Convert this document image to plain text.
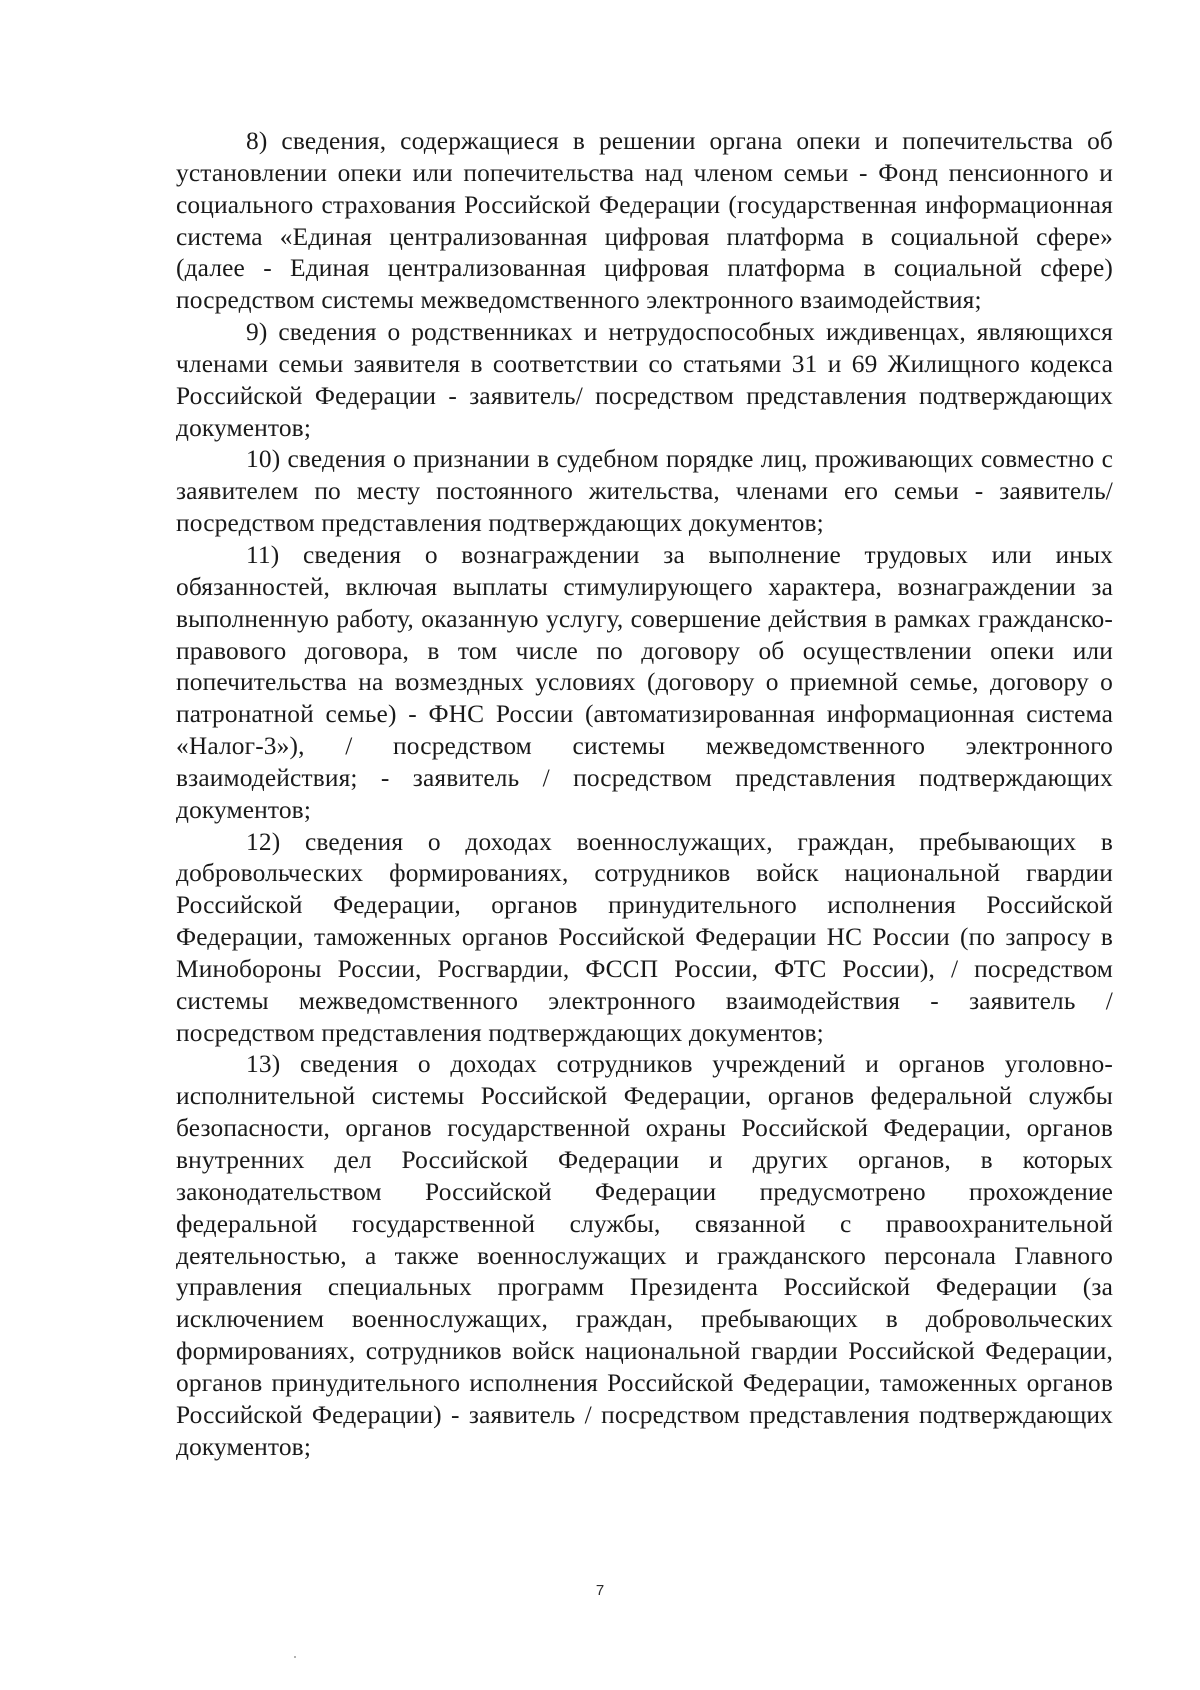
8) сведения, содержащиеся в решении органа опеки и попечительства об установлении опеки или попечительства над членом семьи - Фонд пенсионного и социального страхования Российской Федерации (государственная информационная система «Единая централизованная цифровая платформа в социальной сфере» (далее - Единая централизованная цифровая платформа в социальной сфере) посредством системы межведомственного электронного взаимодействия;

9) сведения о родственниках и нетрудоспособных иждивенцах, являющихся членами семьи заявителя в соответствии со статьями 31 и 69 Жилищного кодекса Российской Федерации - заявитель/ посредством представления подтверждающих документов;

10) сведения о признании в судебном порядке лиц, проживающих совместно с заявителем по месту постоянного жительства, членами его семьи - заявитель/ посредством представления подтверждающих документов;

11) сведения о вознаграждении за выполнение трудовых или иных обязанностей, включая выплаты стимулирующего характера, вознаграждении за выполненную работу, оказанную услугу, совершение действия в рамках гражданско-правового договора, в том числе по договору об осуществлении опеки или попечительства на возмездных условиях (договору о приемной семье, договору о патронатной семье) - ФНС России (автоматизированная информационная система «Налог-3»), / посредством системы межведомственного электронного взаимодействия; - заявитель / посредством представления подтверждающих документов;

12) сведения о доходах военнослужащих, граждан, пребывающих в добровольческих формированиях, сотрудников войск национальной гвардии Российской Федерации, органов принудительного исполнения Российской Федерации, таможенных органов Российской Федерации НС России (по запросу в Минобороны России, Росгвардии, ФССП России, ФТС России), / посредством системы межведомственного электронного взаимодействия - заявитель / посредством представления подтверждающих документов;

13) сведения о доходах сотрудников учреждений и органов уголовно-исполнительной системы Российской Федерации, органов федеральной службы безопасности, органов государственной охраны Российской Федерации, органов внутренних дел Российской Федерации и других органов, в которых законодательством Российской Федерации предусмотрено прохождение федеральной государственной службы, связанной с правоохранительной деятельностью, а также военнослужащих и гражданского персонала Главного управления специальных программ Президента Российской Федерации (за исключением военнослужащих, граждан, пребывающих в добровольческих формированиях, сотрудников войск национальной гвардии Российской Федерации, органов принудительного исполнения Российской Федерации, таможенных органов Российской Федерации) - заявитель / посредством представления подтверждающих документов;

7
